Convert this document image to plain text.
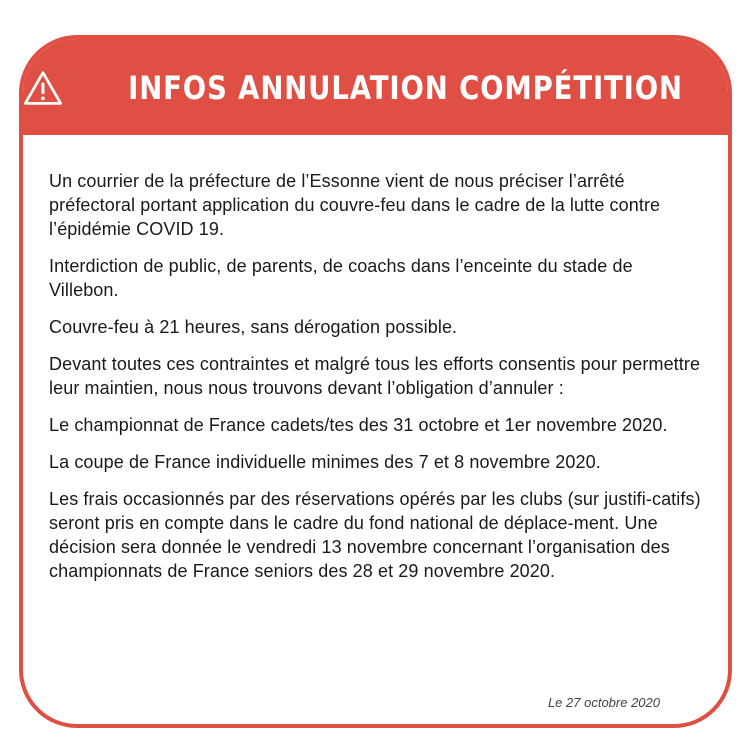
INFOS ANNULATION COMPÉTITION

Un courrier de la préfecture de l’Essonne vient de nous préciser l’arrêté préfectoral portant application du couvre-feu dans le cadre de la lutte contre l’épidémie COVID 19.

Interdiction de public, de parents, de coachs dans l’enceinte du stade de Villebon.

Couvre-feu à 21 heures, sans dérogation possible.

Devant toutes ces contraintes et malgré tous les efforts consentis pour permettre leur maintien, nous nous trouvons devant l’obligation d’annuler :

Le championnat de France cadets/tes des 31 octobre et 1er novembre 2020.

La coupe de France individuelle minimes des 7 et 8 novembre 2020.

Les frais occasionnés par des réservations opérés par les clubs (sur justifi-catifs) seront pris en compte dans le cadre du fond national de déplace-ment. Une décision sera donnée le vendredi 13 novembre concernant l’organisation des championnats de France seniors des 28 et 29 novembre 2020.

Le 27 octobre 2020
